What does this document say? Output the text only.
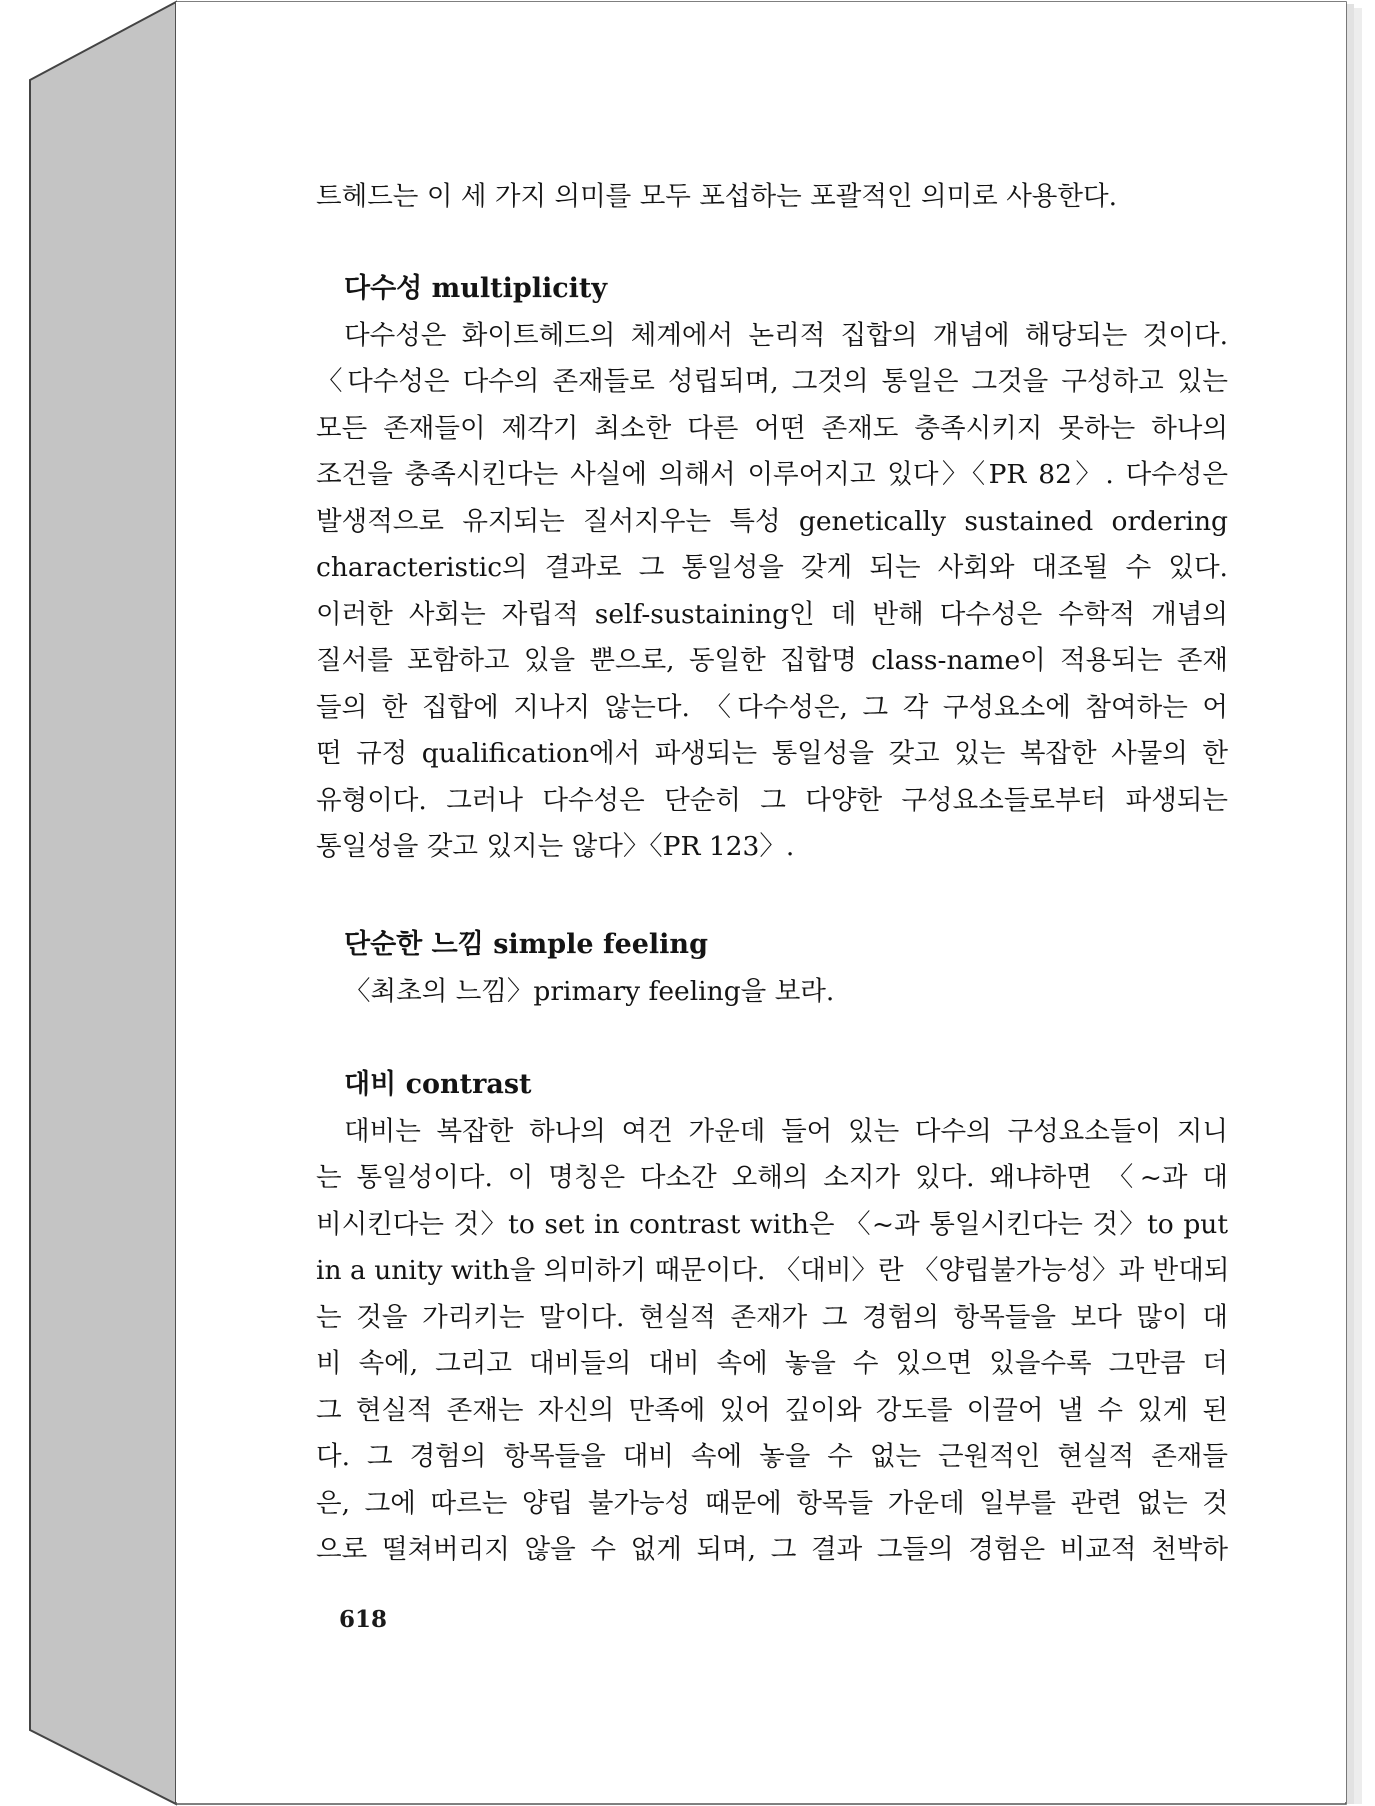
트헤드는 이 세 가지 의미를 모두 포섭하는 포괄적인 의미로 사용한다.
다수성 multiplicity
다수성은 화이트헤드의 체계에서 논리적 집합의 개념에 해당되는 것이다.
〈다수성은 다수의 존재들로 성립되며, 그것의 통일은 그것을 구성하고 있는
모든 존재들이 제각기 최소한 다른 어떤 존재도 충족시키지 못하는 하나의
조건을 충족시킨다는 사실에 의해서 이루어지고 있다〉〈PR 82〉. 다수성은
발생적으로 유지되는 질서지우는 특성 genetically sustained ordering
characteristic의 결과로 그 통일성을 갖게 되는 사회와 대조될 수 있다.
이러한 사회는 자립적 self-sustaining인 데 반해 다수성은 수학적 개념의
질서를 포함하고 있을 뿐으로, 동일한 집합명 class-name이 적용되는 존재
들의 한 집합에 지나지 않는다. 〈다수성은, 그 각 구성요소에 참여하는 어
떤 규정 qualification에서 파생되는 통일성을 갖고 있는 복잡한 사물의 한
유형이다. 그러나 다수성은 단순히 그 다양한 구성요소들로부터 파생되는
통일성을 갖고 있지는 않다〉〈PR 123〉.
단순한 느낌 simple feeling
〈최초의 느낌〉primary feeling을 보라.
대비 contrast
대비는 복잡한 하나의 여건 가운데 들어 있는 다수의 구성요소들이 지니
는 통일성이다. 이 명칭은 다소간 오해의 소지가 있다. 왜냐하면 〈~과 대
비시킨다는 것〉to set in contrast with은 〈~과 통일시킨다는 것〉to put
in a unity with을 의미하기 때문이다. 〈대비〉란 〈양립불가능성〉과 반대되
는 것을 가리키는 말이다. 현실적 존재가 그 경험의 항목들을 보다 많이 대
비 속에, 그리고 대비들의 대비 속에 놓을 수 있으면 있을수록 그만큼 더
그 현실적 존재는 자신의 만족에 있어 깊이와 강도를 이끌어 낼 수 있게 된
다. 그 경험의 항목들을 대비 속에 놓을 수 없는 근원적인 현실적 존재들
은, 그에 따르는 양립 불가능성 때문에 항목들 가운데 일부를 관련 없는 것
으로 떨쳐버리지 않을 수 없게 되며, 그 결과 그들의 경험은 비교적 천박하
618
